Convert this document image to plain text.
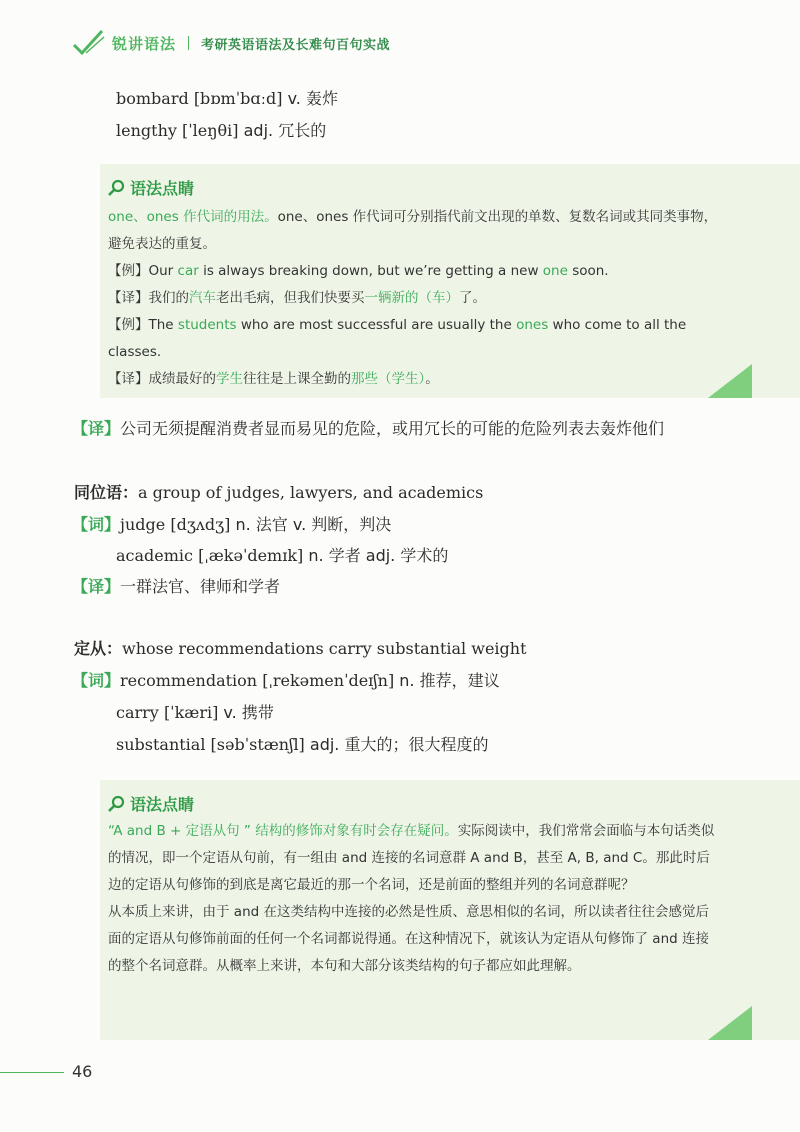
锐讲语法 考研英语语法及长难句百句实战
bombard [bɒmˈbɑːd] v. 轰炸
lengthy [ˈleŋθi] adj. 冗长的
语法点睛

one、ones 作代词的用法。one、ones 作代词可分别指代前文出现的单数、复数名词或其同类事物，避免表达的重复。

【例】Our car is always breaking down, but we’re getting a new one soon.

【译】我们的汽车老出毛病，但我们快要买一辆新的（车）了。

【例】The students who are most successful are usually the ones who come to all the classes.

【译】成绩最好的学生往往是上课全勤的那些（学生）。

【译】公司无须提醒消费者显而易见的危险，或用冗长的可能的危险列表去轰炸他们
同位语：a group of judges, lawyers, and academics
【词】judge [dʒʌdʒ] n. 法官 v. 判断，判决
academic [ˌækəˈdemɪk] n. 学者 adj. 学术的
【译】一群法官、律师和学者
定从：whose recommendations carry substantial weight
【词】recommendation [ˌrekəmenˈdeɪʃn] n. 推荐，建议
carry [ˈkæri] v. 携带
substantial [səbˈstænʃl] adj. 重大的；很大程度的
语法点睛

“A and B + 定语从句 ” 结构的修饰对象有时会存在疑问。实际阅读中，我们常常会面临与本句话类似的情况，即一个定语从句前，有一组由 and 连接的名词意群 A and B，甚至 A, B, and C。那此时后边的定语从句修饰的到底是离它最近的那一个名词，还是前面的整组并列的名词意群呢？

从本质上来讲，由于 and 在这类结构中连接的必然是性质、意思相似的名词，所以读者往往会感觉后面的定语从句修饰前面的任何一个名词都说得通。在这种情况下，就该认为定语从句修饰了 and 连接的整个名词意群。从概率上来讲，本句和大部分该类结构的句子都应如此理解。

46
